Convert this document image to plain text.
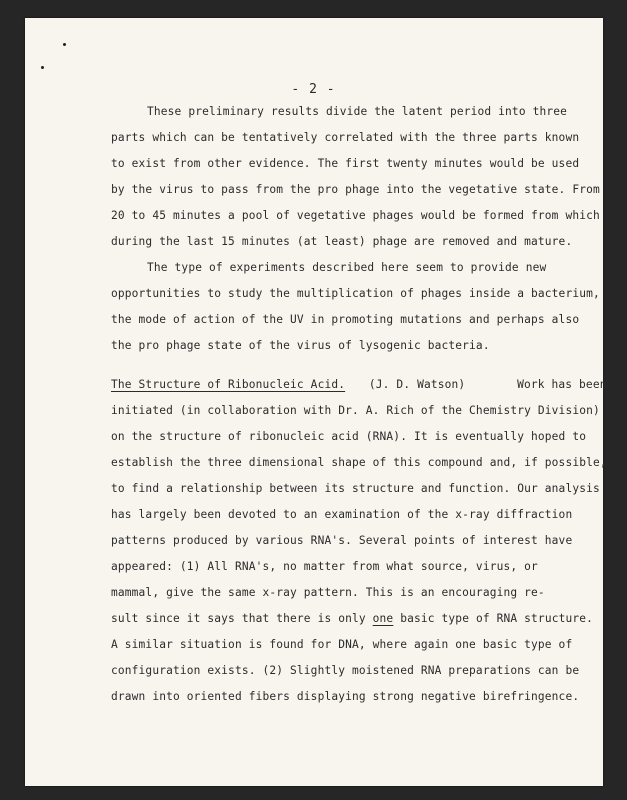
- 2 -
These preliminary results divide the latent period into three
parts which can be tentatively correlated with the three parts known
to exist from other evidence. The first twenty minutes would be used
by the virus to pass from the pro phage into the vegetative state. From
20 to 45 minutes a pool of vegetative phages would be formed from which
during the last 15 minutes (at least) phage are removed and mature.
The type of experiments described here seem to provide new
opportunities to study the multiplication of phages inside a bacterium,
the mode of action of the UV in promoting mutations and perhaps also
the pro phage state of the virus of lysogenic bacteria.
The Structure of Ribonucleic Acid. (J. D. Watson)	Work has been
initiated (in collaboration with Dr. A. Rich of the Chemistry Division)
on the structure of ribonucleic acid (RNA). It is eventually hoped to
establish the three dimensional shape of this compound and, if possible,
to find a relationship between its structure and function. Our analysis
has largely been devoted to an examination of the x-ray diffraction
patterns produced by various RNA's. Several points of interest have
appeared: (1) All RNA's, no matter from what source, virus, or
mammal, give the same x-ray pattern. This is an encouraging re-
sult since it says that there is only one basic type of RNA structure.
A similar situation is found for DNA, where again one basic type of
configuration exists. (2) Slightly moistened RNA preparations can be
drawn into oriented fibers displaying strong negative birefringence.
